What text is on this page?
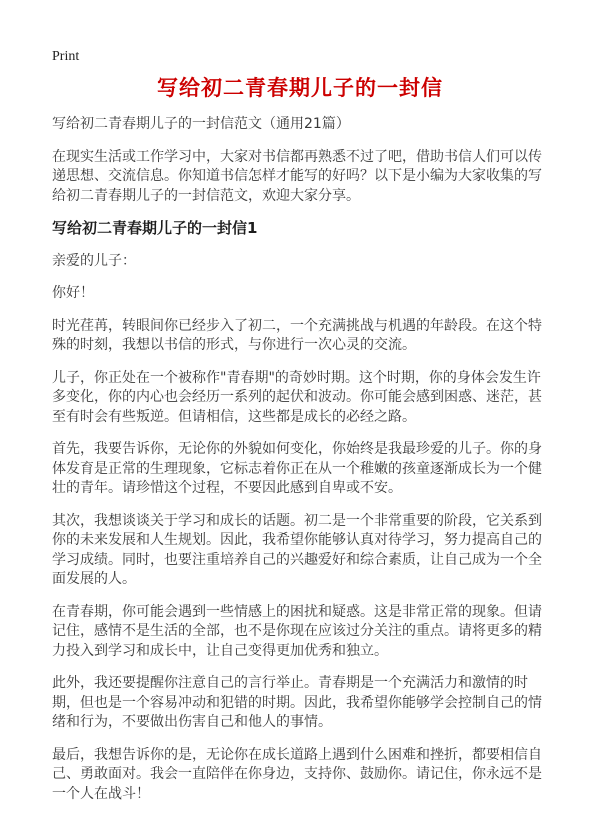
Print
写给初二青春期儿子的一封信
写给初二青春期儿子的一封信范文（通用21篇）

在现实生活或工作学习中，大家对书信都再熟悉不过了吧，借助书信人们可以传递思想、交流信息。你知道书信怎样才能写的好吗？以下是小编为大家收集的写给初二青春期儿子的一封信范文，欢迎大家分享。

写给初二青春期儿子的一封信1

亲爱的儿子：

你好！

时光荏苒，转眼间你已经步入了初二，一个充满挑战与机遇的年龄段。在这个特殊的时刻，我想以书信的形式，与你进行一次心灵的交流。

儿子，你正处在一个被称作"青春期"的奇妙时期。这个时期，你的身体会发生许多变化，你的内心也会经历一系列的起伏和波动。你可能会感到困惑、迷茫，甚至有时会有些叛逆。但请相信，这些都是成长的必经之路。

首先，我要告诉你，无论你的外貌如何变化，你始终是我最珍爱的儿子。你的身体发育是正常的生理现象，它标志着你正在从一个稚嫩的孩童逐渐成长为一个健壮的青年。请珍惜这个过程，不要因此感到自卑或不安。

其次，我想谈谈关于学习和成长的话题。初二是一个非常重要的阶段，它关系到你的未来发展和人生规划。因此，我希望你能够认真对待学习，努力提高自己的学习成绩。同时，也要注重培养自己的兴趣爱好和综合素质，让自己成为一个全面发展的人。

在青春期，你可能会遇到一些情感上的困扰和疑惑。这是非常正常的现象。但请记住，感情不是生活的全部，也不是你现在应该过分关注的重点。请将更多的精力投入到学习和成长中，让自己变得更加优秀和独立。

此外，我还要提醒你注意自己的言行举止。青春期是一个充满活力和激情的时期，但也是一个容易冲动和犯错的时期。因此，我希望你能够学会控制自己的情绪和行为，不要做出伤害自己和他人的事情。

最后，我想告诉你的是，无论你在成长道路上遇到什么困难和挫折，都要相信自己、勇敢面对。我会一直陪伴在你身边，支持你、鼓励你。请记住，你永远不是一个人在战斗！
